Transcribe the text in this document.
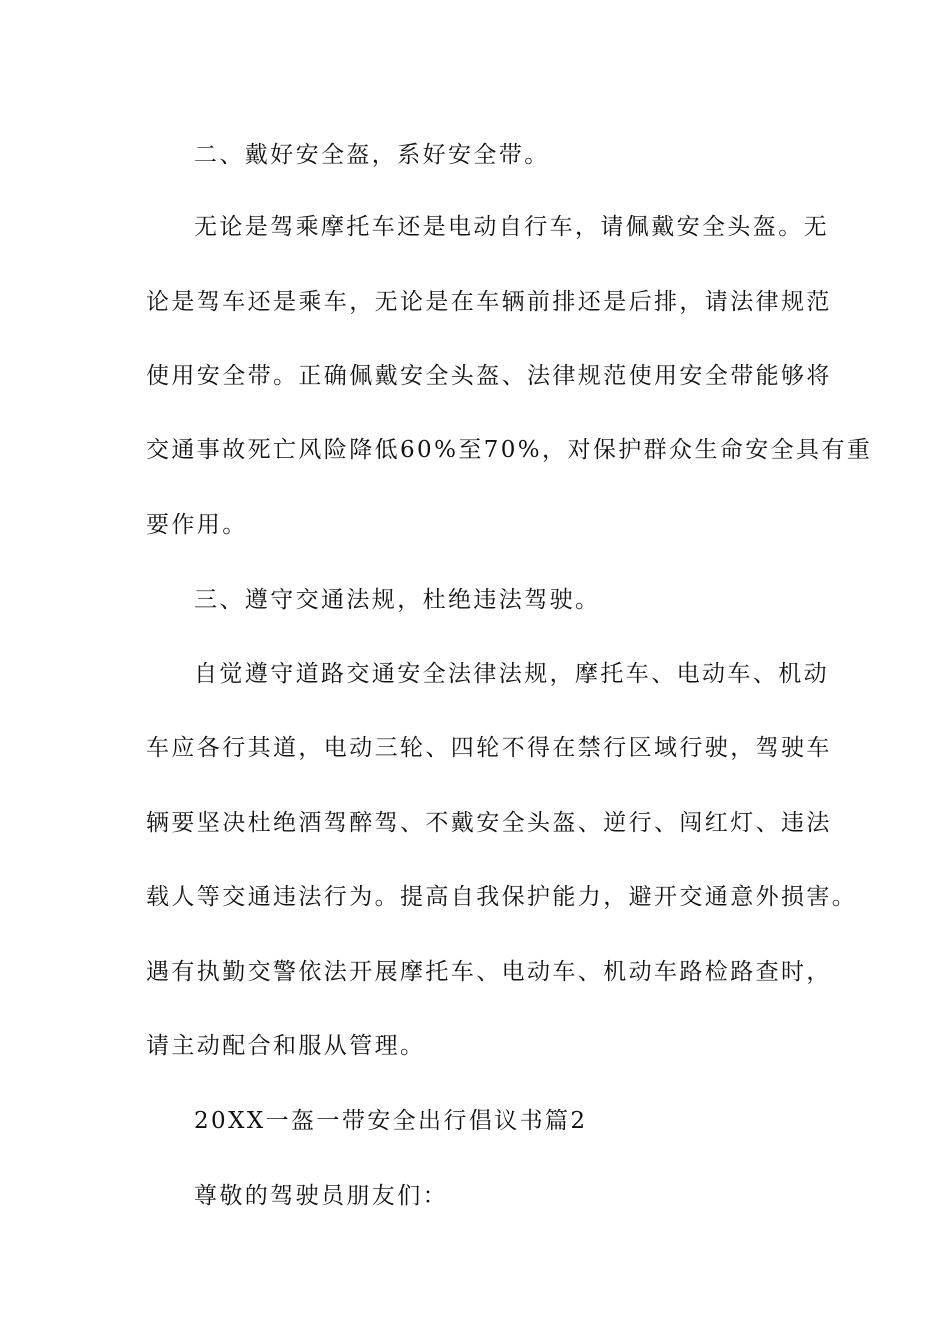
二、戴好安全盔，系好安全带。
无论是驾乘摩托车还是电动自行车，请佩戴安全头盔。无
论是驾车还是乘车，无论是在车辆前排还是后排，请法律规范
使用安全带。正确佩戴安全头盔、法律规范使用安全带能够将
交通事故死亡风险降低60%至70%，对保护群众生命安全具有重
要作用。
三、遵守交通法规，杜绝违法驾驶。
自觉遵守道路交通安全法律法规，摩托车、电动车、机动
车应各行其道，电动三轮、四轮不得在禁行区域行驶，驾驶车
辆要坚决杜绝酒驾醉驾、不戴安全头盔、逆行、闯红灯、违法
载人等交通违法行为。提高自我保护能力，避开交通意外损害。
遇有执勤交警依法开展摩托车、电动车、机动车路检路查时，
请主动配合和服从管理。
20XX一盔一带安全出行倡议书篇2
尊敬的驾驶员朋友们：
